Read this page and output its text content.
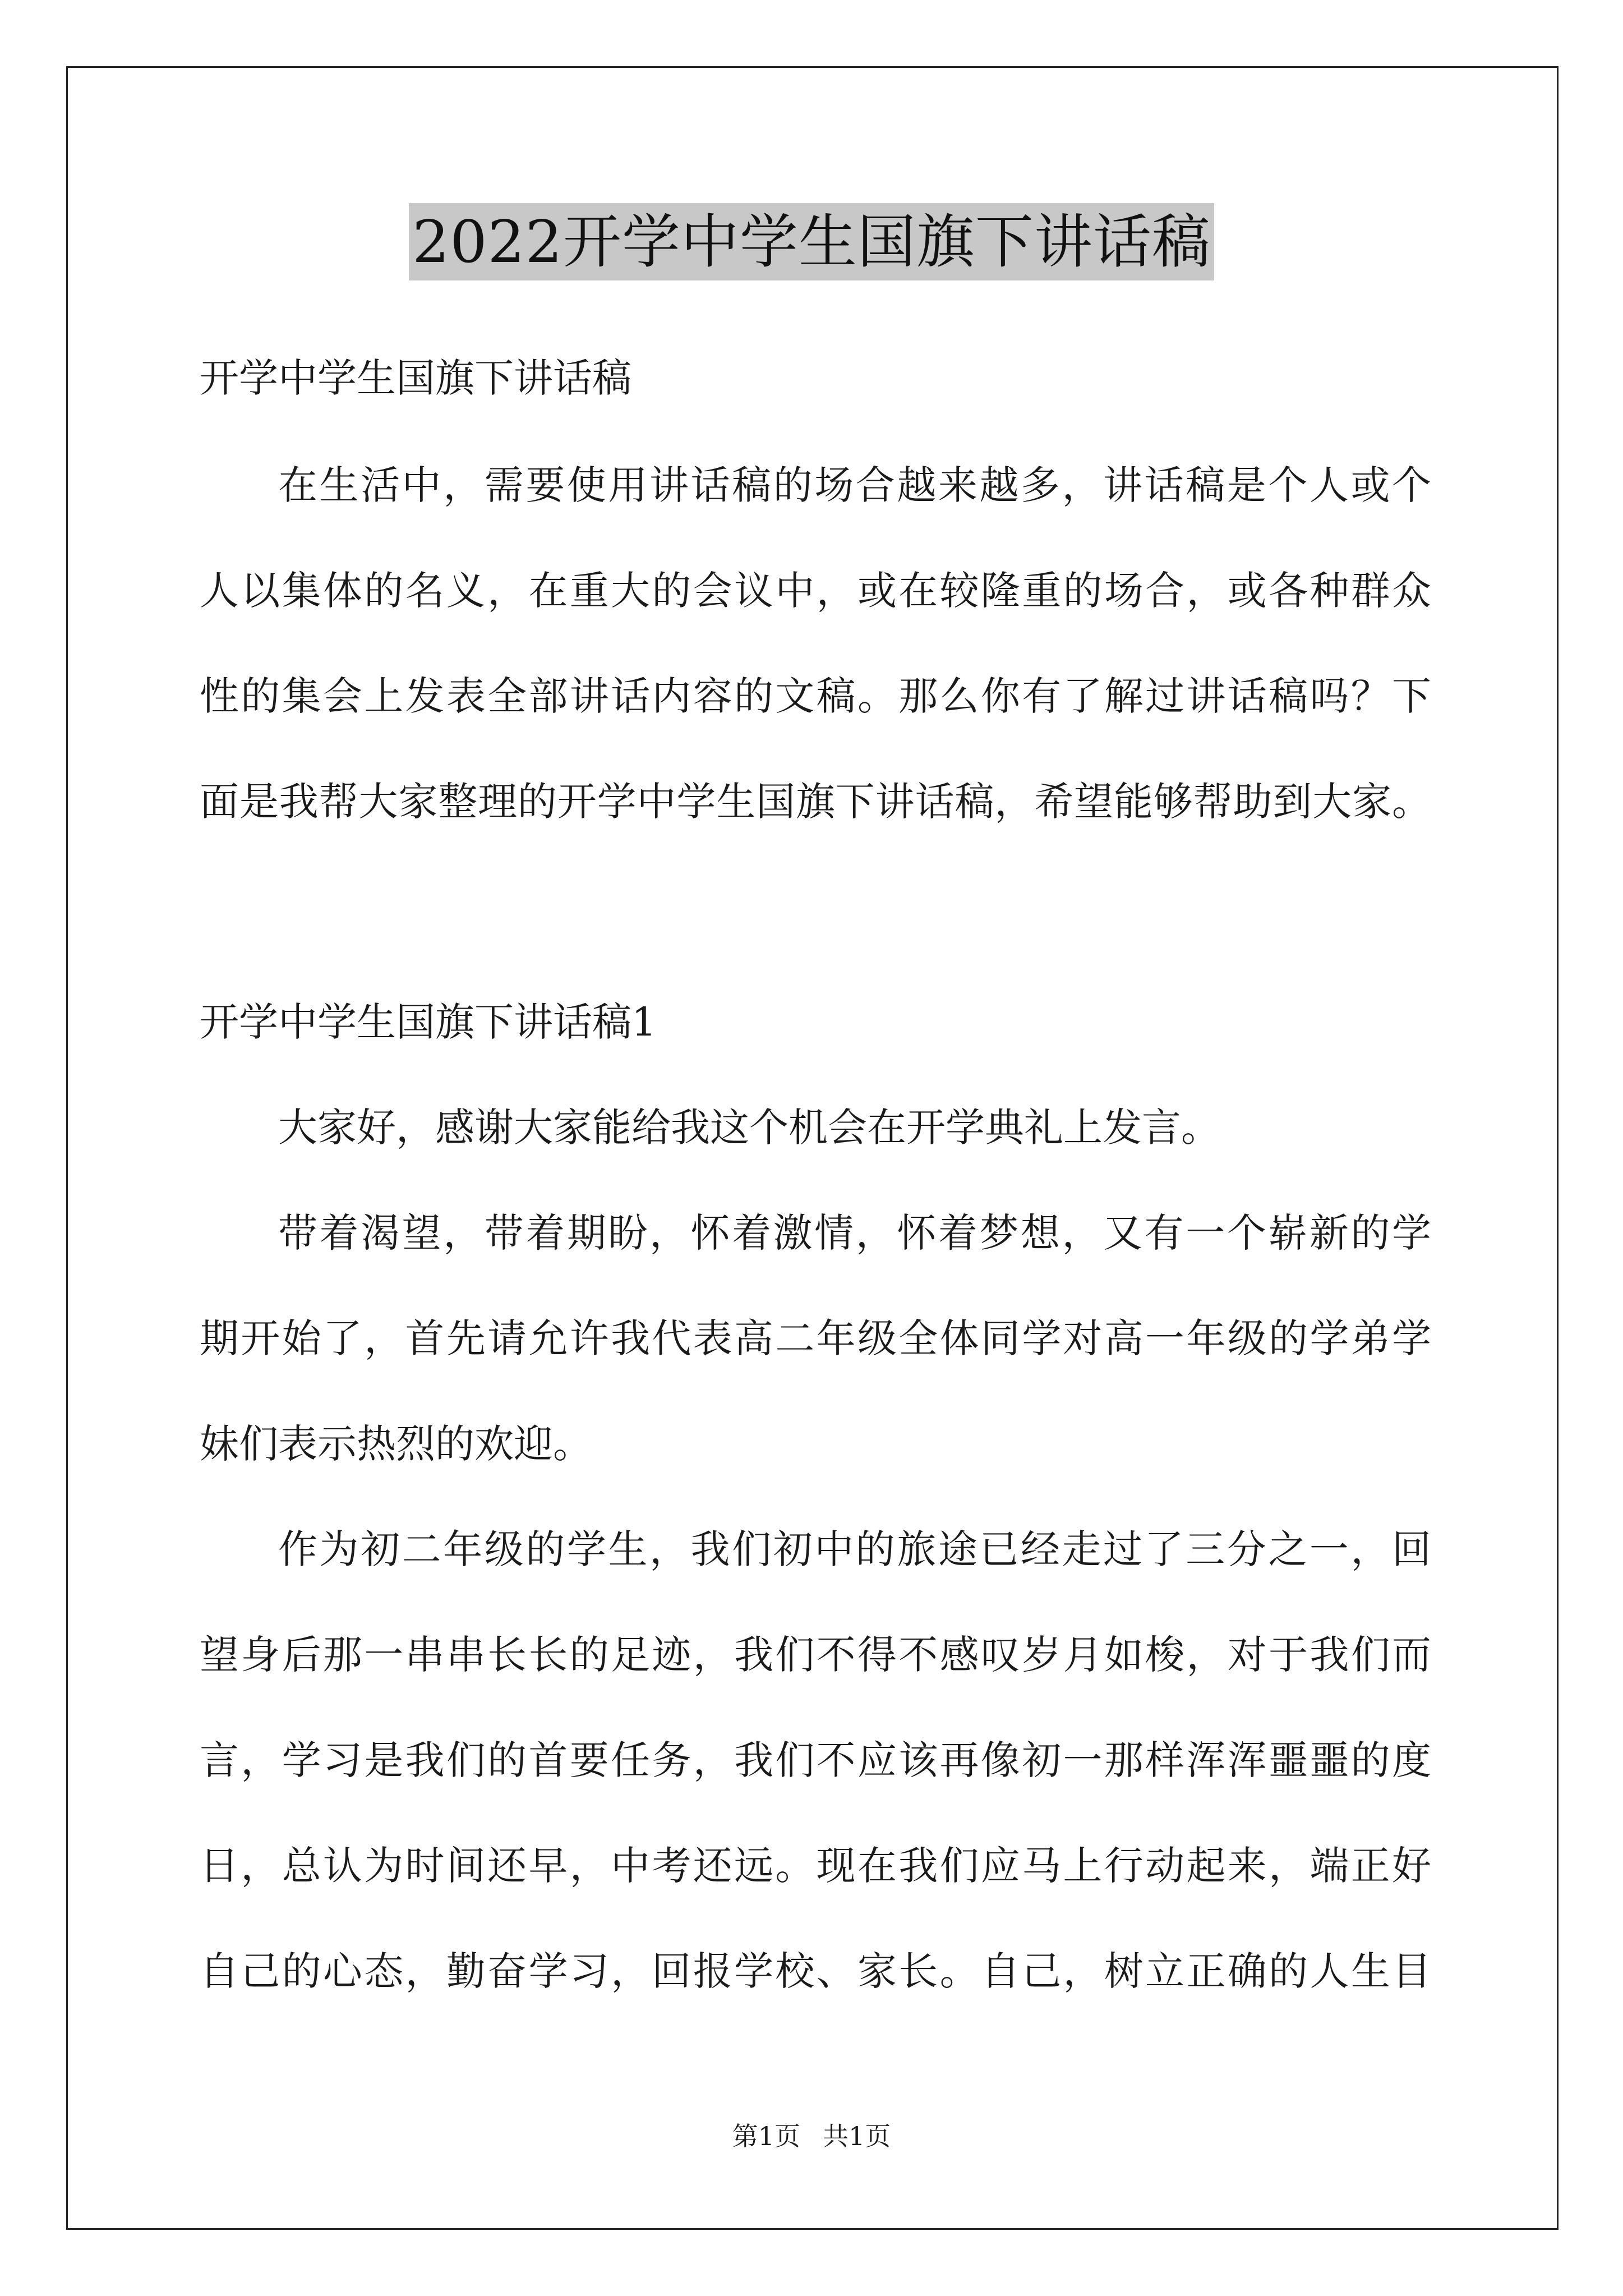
2022开学中学生国旗下讲话稿
开学中学生国旗下讲话稿
在生活中，需要使用讲话稿的场合越来越多，讲话稿是个人或个
人以集体的名义，在重大的会议中，或在较隆重的场合，或各种群众
性的集会上发表全部讲话内容的文稿。那么你有了解过讲话稿吗？下
面是我帮大家整理的开学中学生国旗下讲话稿，希望能够帮助到大家。
开学中学生国旗下讲话稿1
大家好，感谢大家能给我这个机会在开学典礼上发言。
带着渴望，带着期盼，怀着激情，怀着梦想，又有一个崭新的学
期开始了，首先请允许我代表高二年级全体同学对高一年级的学弟学
妹们表示热烈的欢迎。
作为初二年级的学生，我们初中的旅途已经走过了三分之一，回
望身后那一串串长长的足迹，我们不得不感叹岁月如梭，对于我们而
言，学习是我们的首要任务，我们不应该再像初一那样浑浑噩噩的度
日，总认为时间还早，中考还远。现在我们应马上行动起来，端正好
自己的心态，勤奋学习，回报学校、家长。自己，树立正确的人生目
第1页 共1页
